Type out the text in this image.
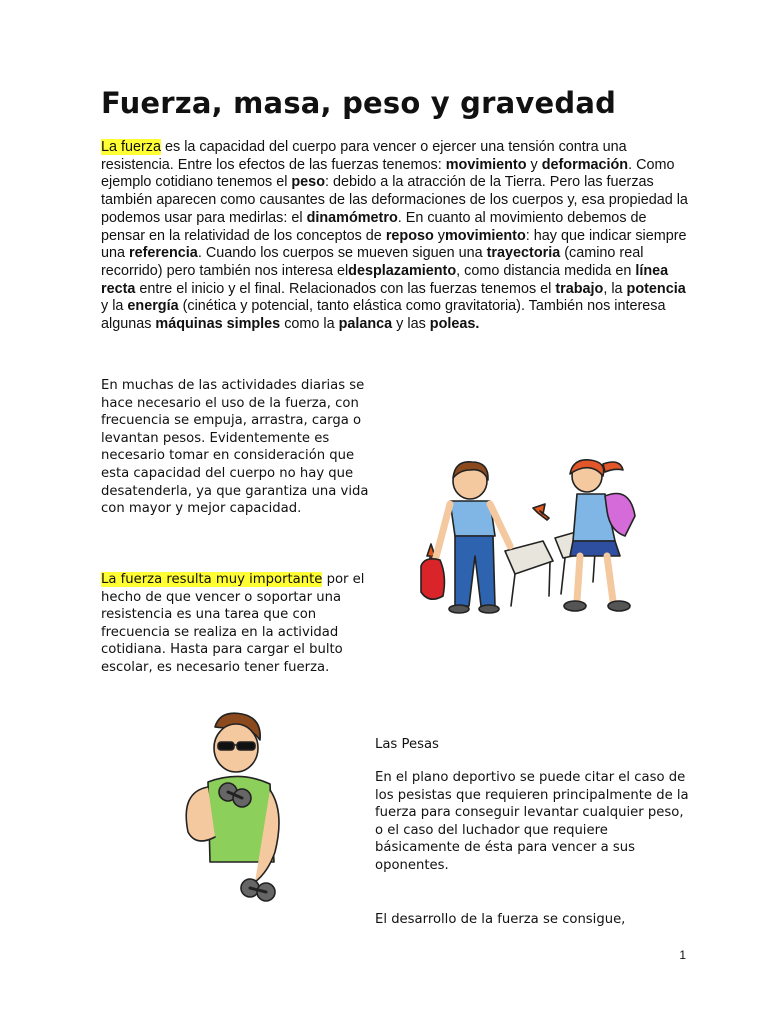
Fuerza, masa, peso y gravedad

La fuerza es la capacidad del cuerpo para vencer o ejercer una tensión contra una resistencia. Entre los efectos de las fuerzas tenemos: movimiento y deformación. Como ejemplo cotidiano tenemos el peso: debido a la atracción de la Tierra. Pero las fuerzas también aparecen como causantes de las deformaciones de los cuerpos y, esa propiedad la podemos usar para medirlas: el dinamómetro. En cuanto al movimiento debemos de pensar en la relatividad de los conceptos de reposo ymovimiento: hay que indicar siempre una referencia. Cuando los cuerpos se mueven siguen una trayectoria (camino real recorrido) pero también nos interesa eldesplazamiento, como distancia medida en línea recta entre el inicio y el final. Relacionados con las fuerzas tenemos el trabajo, la potencia y la energía (cinética y potencial, tanto elástica como gravitatoria). También nos interesa algunas máquinas simples como la palanca y las poleas.

En muchas de las actividades diarias se hace necesario el uso de la fuerza, con frecuencia se empuja, arrastra, carga o levantan pesos. Evidentemente es necesario tomar en consideración que esta capacidad del cuerpo no hay que desatenderla, ya que garantiza una vida con mayor y mejor capacidad.

La fuerza resulta muy importante por el hecho de que vencer o soportar una resistencia es una tarea que con frecuencia se realiza en la actividad cotidiana. Hasta para cargar el bulto escolar, es necesario tener fuerza.

Las Pesas

En el plano deportivo se puede citar el caso de los pesistas que requieren principalmente de la fuerza para conseguir levantar cualquier peso, o el caso del luchador que requiere básicamente de ésta para vencer a sus oponentes.

El desarrollo de la fuerza se consigue,

1
